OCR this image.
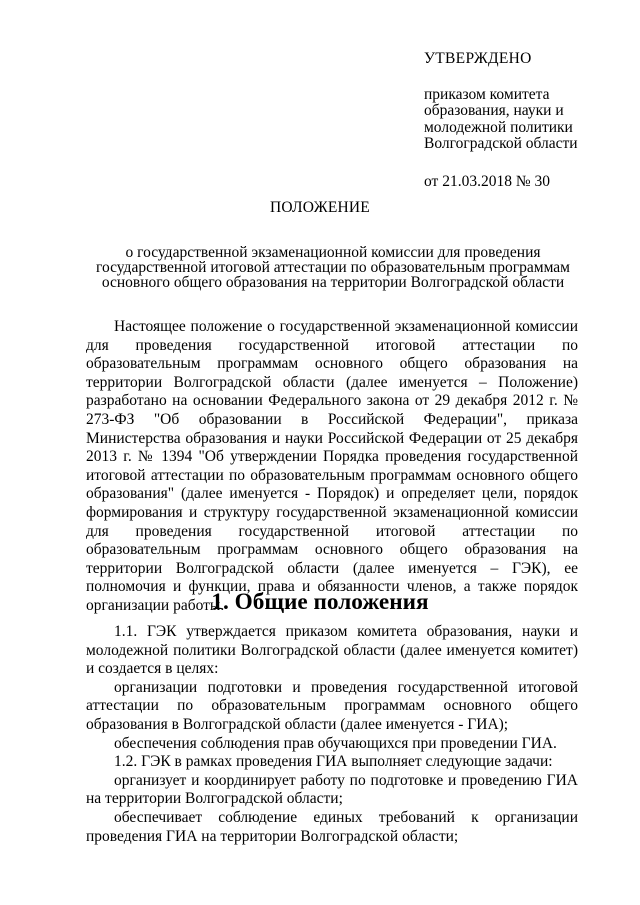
УТВЕРЖДЕНО

приказом комитета
образования, науки и
молодежной политики
Волгоградской области

от 21.03.2018 № 30

ПОЛОЖЕНИЕ

о государственной экзаменационной комиссии для проведения
государственной итоговой аттестации по образовательным программам
основного общего образования на территории Волгоградской области

Настоящее положение о государственной экзаменационной комиссии для проведения государственной итоговой аттестации по образовательным программам основного общего образования на территории Волгоградской области (далее именуется – Положение) разработано на основании Федерального закона от 29 декабря 2012 г. № 273-ФЗ "Об образовании в Российской Федерации", приказа Министерства образования и науки Российской Федерации от 25 декабря 2013 г. № 1394 "Об утверждении Порядка проведения государственной итоговой аттестации по образовательным программам основного общего образования" (далее именуется - Порядок) и определяет цели, порядок формирования и структуру государственной экзаменационной комиссии для проведения государственной итоговой аттестации по образовательным программам основного общего образования на территории Волгоградской области (далее именуется – ГЭК), ее полномочия и функции, права и обязанности членов, а также порядок организации работы.

1. Общие положения

1.1. ГЭК утверждается приказом комитета образования, науки и молодежной политики Волгоградской области (далее именуется комитет) и создается в целях:

организации подготовки и проведения государственной итоговой аттестации по образовательным программам основного общего образования в Волгоградской области (далее именуется - ГИА);

обеспечения соблюдения прав обучающихся при проведении ГИА.

1.2. ГЭК в рамках проведения ГИА выполняет следующие задачи:

организует и координирует работу по подготовке и проведению ГИА на территории Волгоградской области;

обеспечивает соблюдение единых требований к организации проведения ГИА на территории Волгоградской области;
